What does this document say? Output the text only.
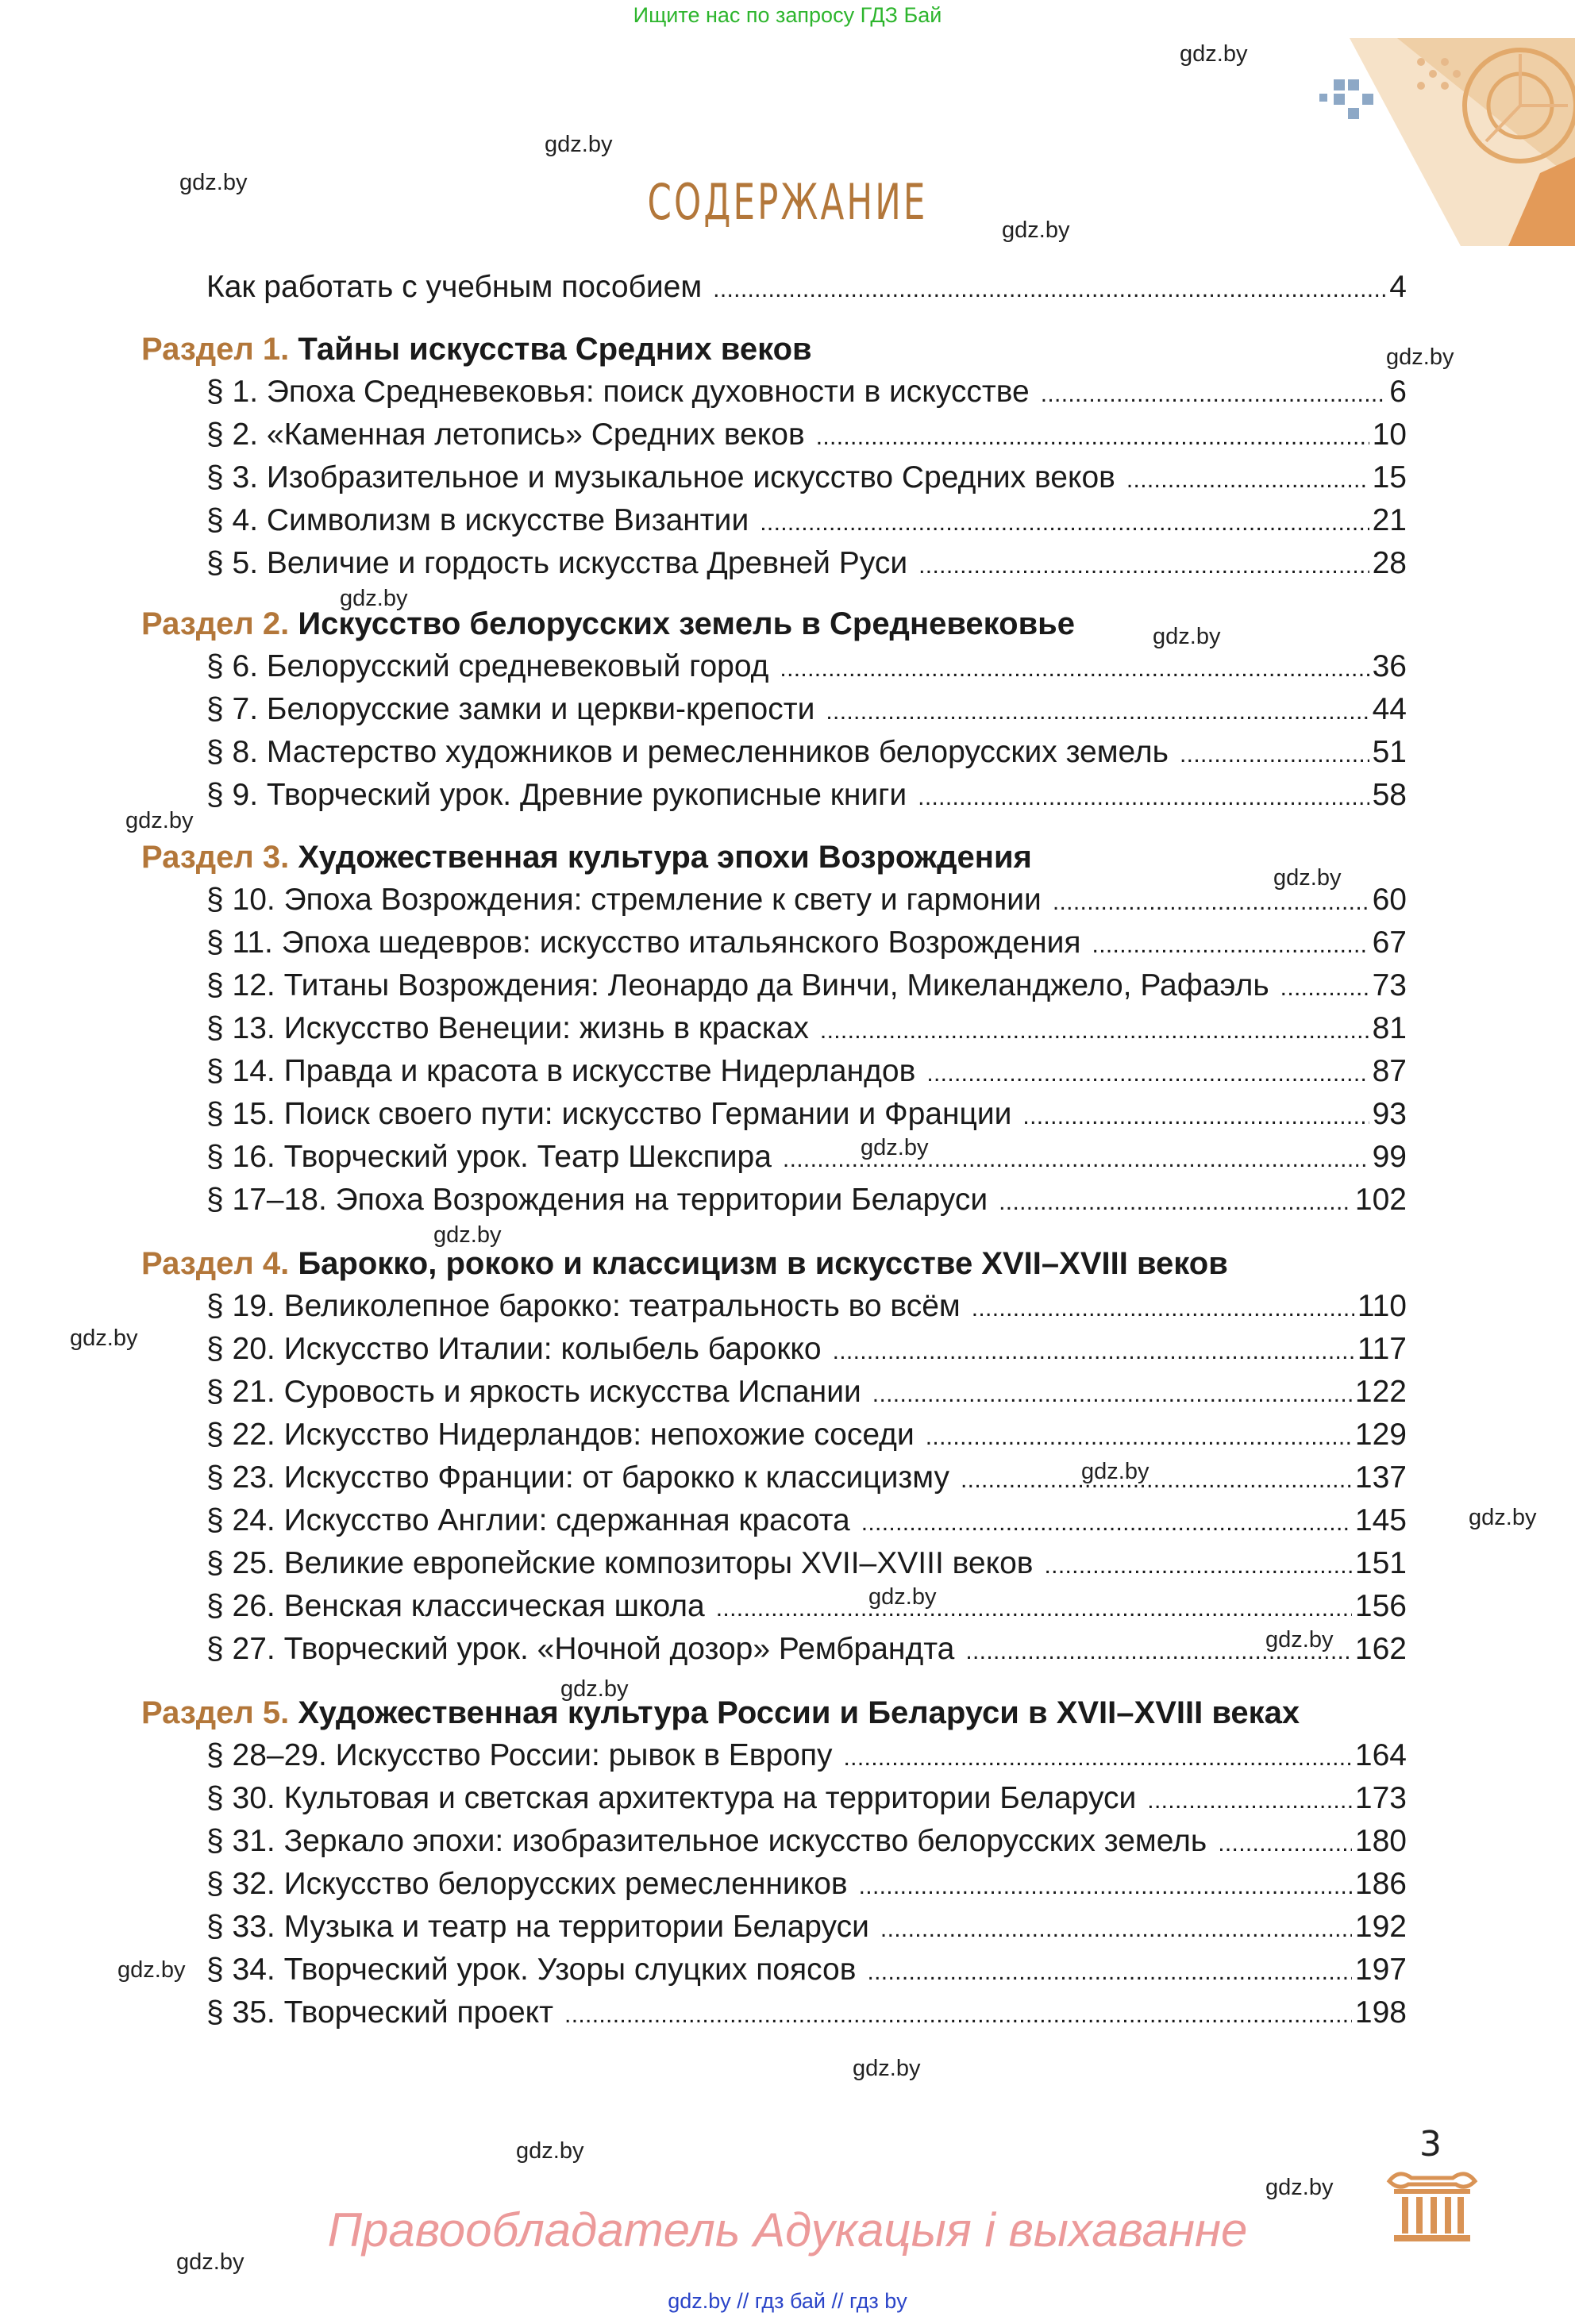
Ищите нас по запросу ГДЗ Бай
gdz.by
gdz.by
gdz.by
gdz.by
gdz.by
gdz.by
gdz.by
gdz.by
gdz.by
gdz.by
gdz.by
gdz.by
gdz.by
gdz.by
gdz.by
gdz.by
gdz.by
gdz.by
gdz.by
gdz.by
gdz.by
gdz.by
СОДЕРЖАНИЕ
Как работать с учебным пособием . . .	4
Раздел 1. Тайны искусства Средних веков
§ 1. Эпоха Средневековья: поиск духовности в искусстве . . .	6
§ 2. «Каменная летопись» Средних веков . . .	10
§ 3. Изобразительное и музыкальное искусство Средних веков . . .	15
§ 4. Символизм в искусстве Византии . . .	21
§ 5. Величие и гордость искусства Древней Руси . . .	28
Раздел 2. Искусство белорусских земель в Средневековье
§ 6. Белорусский средневековый город . . .	36
§ 7. Белорусские замки и церкви-крепости . . .	44
§ 8. Мастерство художников и ремесленников белорусских земель . . .	51
§ 9. Творческий урок. Древние рукописные книги . . .	58
Раздел 3. Художественная культура эпохи Возрождения
§ 10. Эпоха Возрождения: стремление к свету и гармонии . . .	60
§ 11. Эпоха шедевров: искусство итальянского Возрождения . . .	67
§ 12. Титаны Возрождения: Леонардо да Винчи, Микеланджело, Рафаэль . . .	73
§ 13. Искусство Венеции: жизнь в красках . . .	81
§ 14. Правда и красота в искусстве Нидерландов . . .	87
§ 15. Поиск своего пути: искусство Германии и Франции . . .	93
§ 16. Творческий урок. Театр Шекспира . . .	99
§ 17–18. Эпоха Возрождения на территории Беларуси . . .	102
Раздел 4. Барокко, рококо и классицизм в искусстве XVII–XVIII веков
§ 19. Великолепное барокко: театральность во всём . . .	110
§ 20. Искусство Италии: колыбель барокко . . .	117
§ 21. Суровость и яркость искусства Испании . . .	122
§ 22. Искусство Нидерландов: непохожие соседи . . .	129
§ 23. Искусство Франции: от барокко к классицизму . . .	137
§ 24. Искусство Англии: сдержанная красота . . .	145
§ 25. Великие европейские композиторы XVII–XVIII веков . . .	151
§ 26. Венская классическая школа . . .	156
§ 27. Творческий урок. «Ночной дозор» Рембрандта . . .	162
Раздел 5. Художественная культура России и Беларуси в XVII–XVIII веках
§ 28–29. Искусство России: рывок в Европу . . .	164
§ 30. Культовая и светская архитектура на территории Беларуси . . .	173
§ 31. Зеркало эпохи: изобразительное искусство белорусских земель . . .	180
§ 32. Искусство белорусских ремесленников . . .	186
§ 33. Музыка и театр на территории Беларуси . . .	192
§ 34. Творческий урок. Узоры слуцких поясов . . .	197
§ 35. Творческий проект . . .	198
3
Правообладатель Адукацыя і выхаванне
gdz.by // гдз бай // гдз by
